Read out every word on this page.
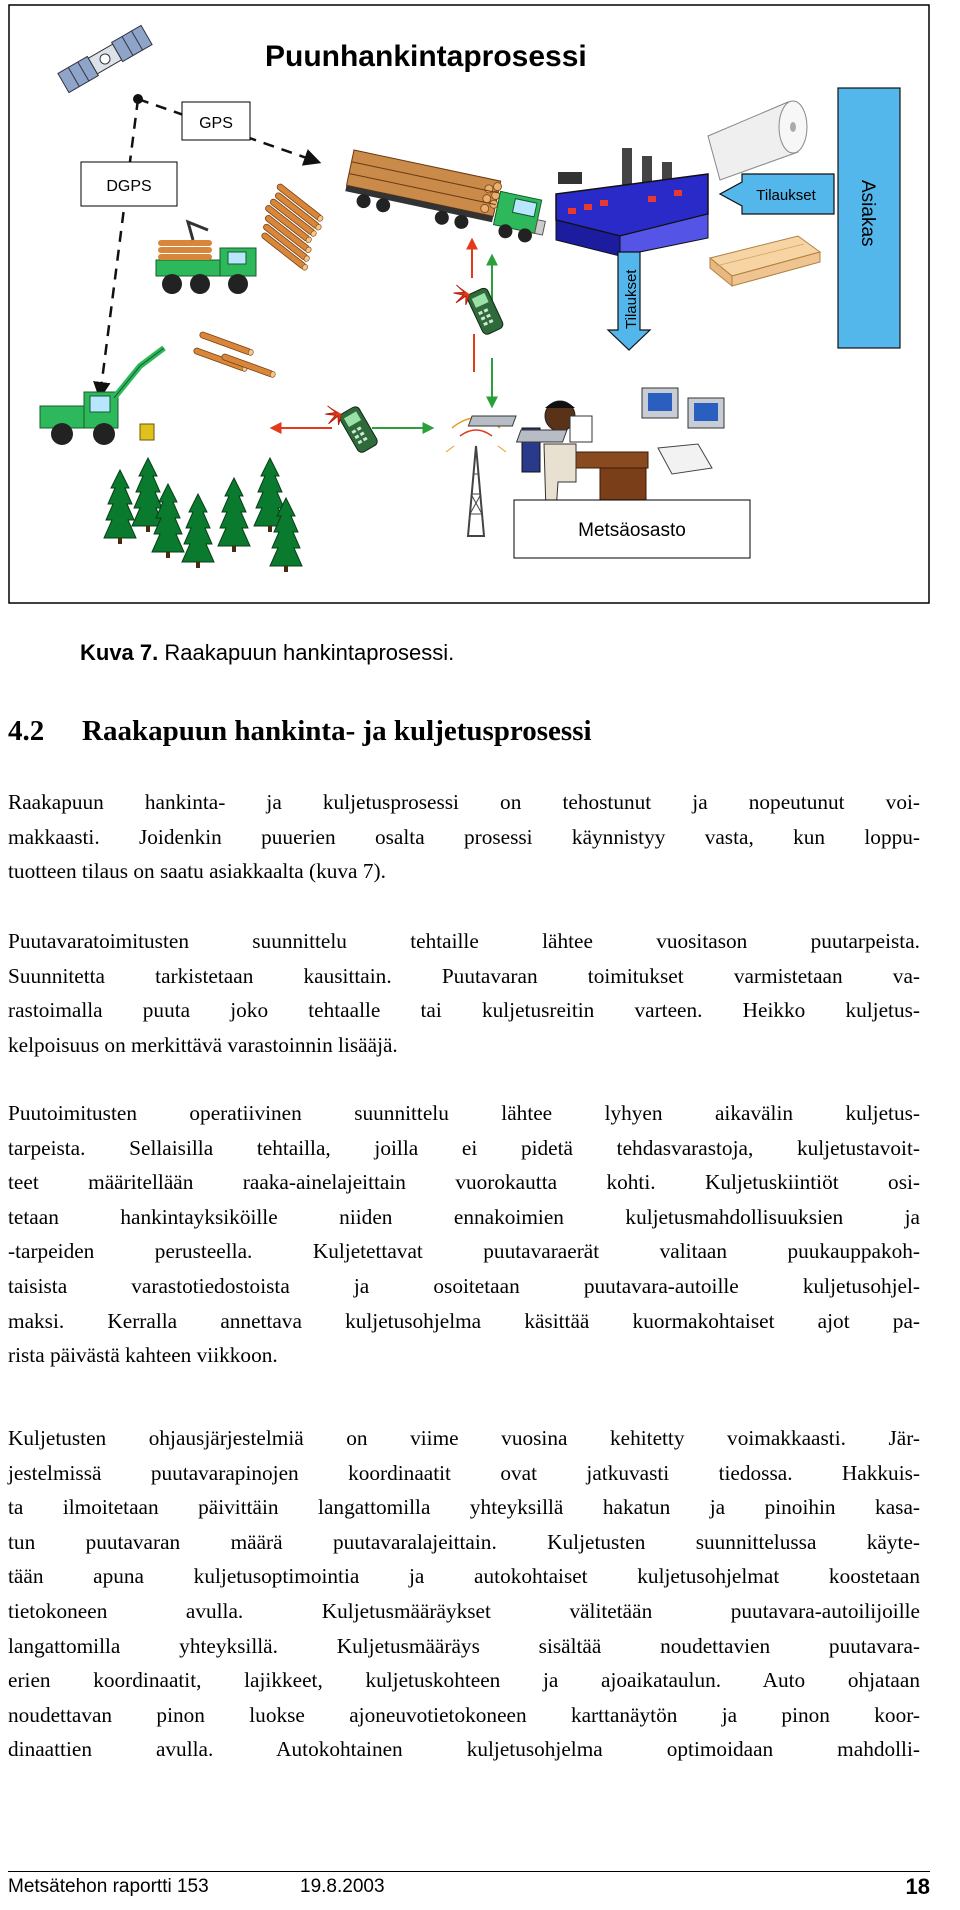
Puunhankintaprosessi
GPS
DGPS
Tilaukset
Tilaukset Asiakas
Metsäosasto
Kuva 7. Raakapuun hankintaprosessi.
4.2 Raakapuun hankinta- ja kuljetusprosessi
Raakapuun hankinta- ja kuljetusprosessi on tehostunut ja nopeutunut voi-
makkaasti. Joidenkin puuerien osalta prosessi käynnistyy vasta, kun loppu-
tuotteen tilaus on saatu asiakkaalta (kuva 7).
Puutavaratoimitusten suunnittelu tehtaille lähtee vuositason puutarpeista.
Suunnitetta tarkistetaan kausittain. Puutavaran toimitukset varmistetaan va-
rastoimalla puuta joko tehtaalle tai kuljetusreitin varteen. Heikko kuljetus-
kelpoisuus on merkittävä varastoinnin lisääjä.
Puutoimitusten operatiivinen suunnittelu lähtee lyhyen aikavälin kuljetus-
tarpeista. Sellaisilla tehtailla, joilla ei pidetä tehdasvarastoja, kuljetustavoit-
teet määritellään raaka-ainelajeittain vuorokautta kohti. Kuljetuskiintiöt osi-
tetaan hankintayksiköille niiden ennakoimien kuljetusmahdollisuuksien ja
-tarpeiden perusteella. Kuljetettavat puutavaraerät valitaan puukauppakoh-
taisista varastotiedostoista ja osoitetaan puutavara-autoille kuljetusohjel-
maksi. Kerralla annettava kuljetusohjelma käsittää kuormakohtaiset ajot pa-
rista päivästä kahteen viikkoon.
Kuljetusten ohjausjärjestelmiä on viime vuosina kehitetty voimakkaasti. Jär-
jestelmissä puutavarapinojen koordinaatit ovat jatkuvasti tiedossa. Hakkuis-
ta ilmoitetaan päivittäin langattomilla yhteyksillä hakatun ja pinoihin kasa-
tun puutavaran määrä puutavaralajeittain. Kuljetusten suunnittelussa käyte-
tään apuna kuljetusoptimointia ja autokohtaiset kuljetusohjelmat koostetaan
tietokoneen avulla. Kuljetusmääräykset välitetään puutavara-autoilijoille
langattomilla yhteyksillä. Kuljetusmääräys sisältää noudettavien puutavara-
erien koordinaatit, lajikkeet, kuljetuskohteen ja ajoaikataulun. Auto ohjataan
noudettavan pinon luokse ajoneuvotietokoneen karttanäytön ja pinon koor-
dinaattien avulla. Autokohtainen kuljetusohjelma optimoidaan mahdolli-
Metsätehon raportti 153	19.8.2003	18
